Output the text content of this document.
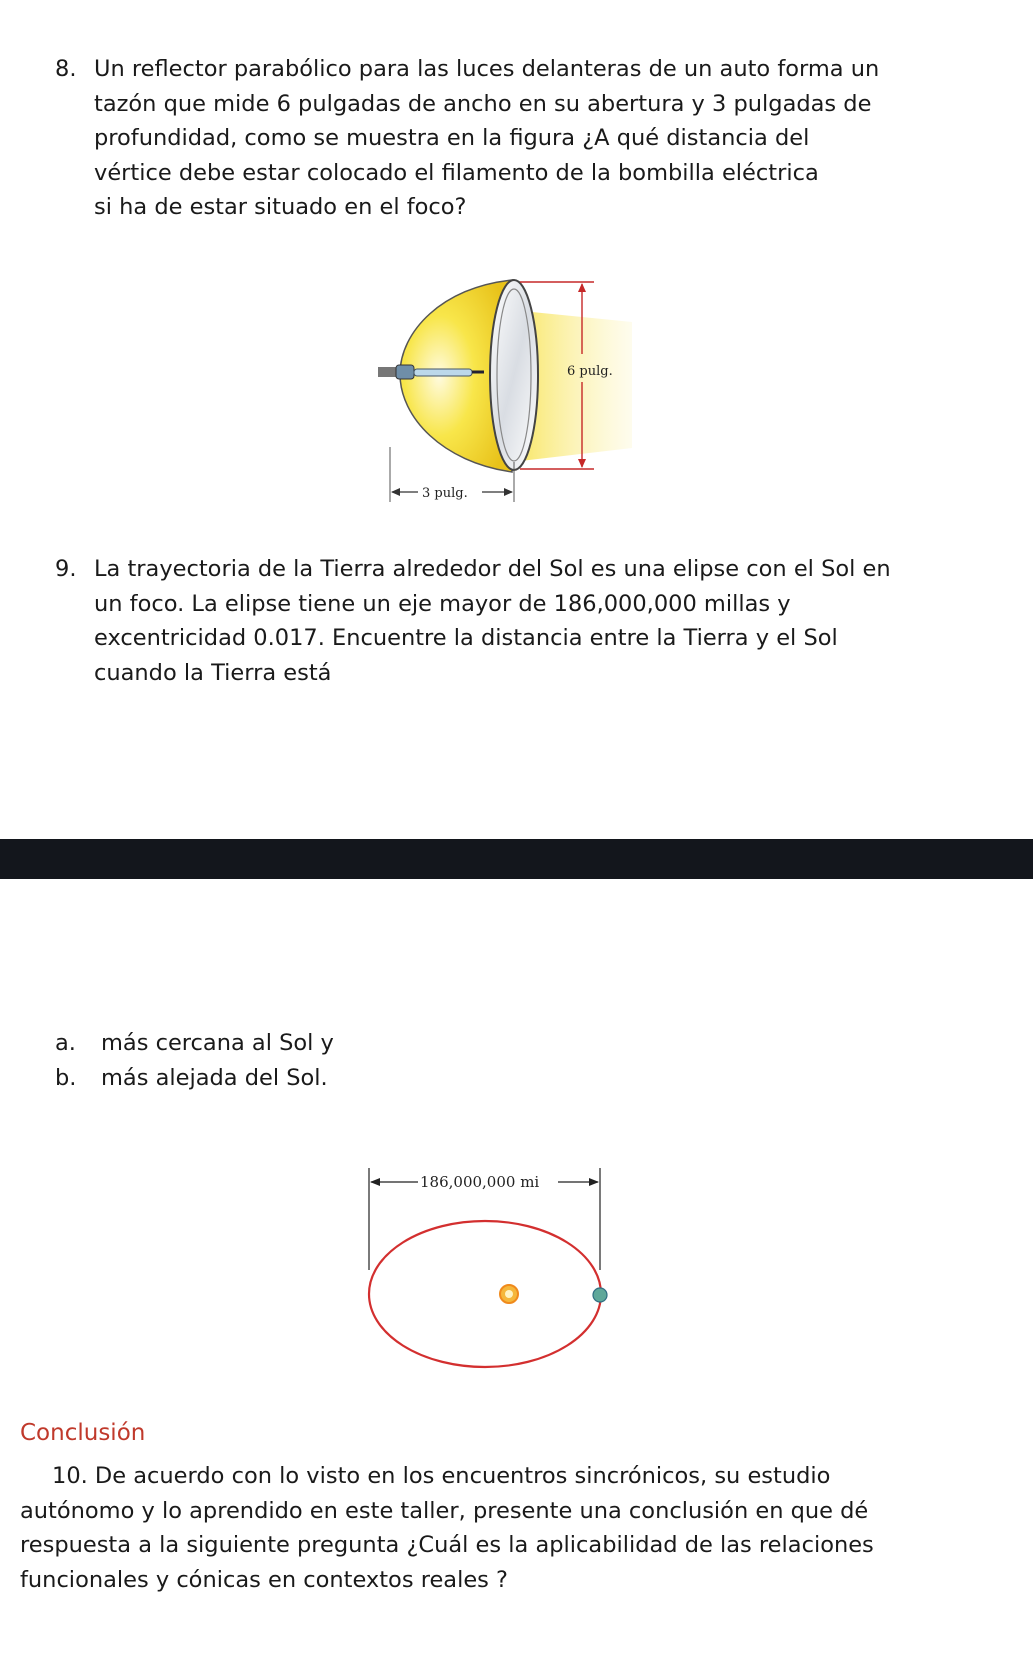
8. Un reflector parabólico para las luces delanteras de un auto forma un
tazón que mide 6 pulgadas de ancho en su abertura y 3 pulgadas de
profundidad, como se muestra en la figura ¿A qué distancia del
vértice debe estar colocado el filamento de la bombilla eléctrica
si ha de estar situado en el foco?
6 pulg.
3 pulg.
9. La trayectoria de la Tierra alrededor del Sol es una elipse con el Sol en
un foco. La elipse tiene un eje mayor de 186,000,000 millas y
excentricidad 0.017. Encuentre la distancia entre la Tierra y el Sol
cuando la Tierra está
a.	más cercana al Sol y
b.	más alejada del Sol.
186,000,000 mi
Conclusión
10. De acuerdo con lo visto en los encuentros sincrónicos, su estudio
autónomo y lo aprendido en este taller, presente una conclusión en que dé
respuesta a la siguiente pregunta ¿Cuál es la aplicabilidad de las relaciones
funcionales y cónicas en contextos reales ?
